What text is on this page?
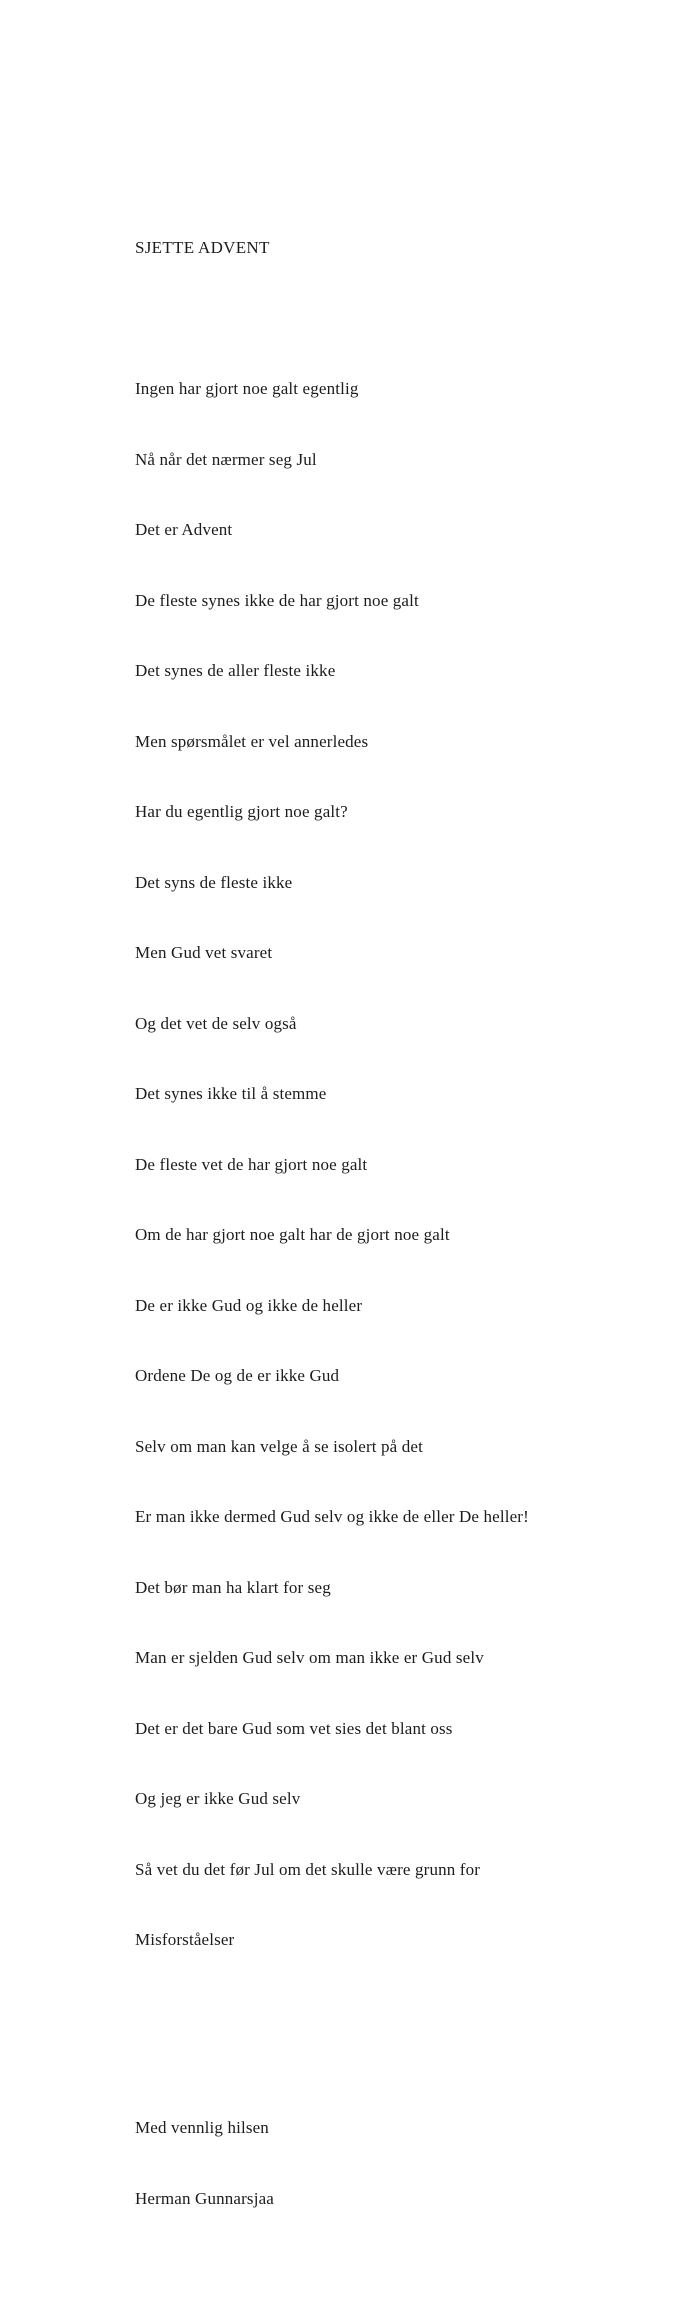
SJETTE ADVENT

Ingen har gjort noe galt egentlig

Nå når det nærmer seg Jul

Det er Advent

De fleste synes ikke de har gjort noe galt

Det synes de aller fleste ikke

Men spørsmålet er vel annerledes

Har du egentlig gjort noe galt?

Det syns de fleste ikke

Men Gud vet svaret

Og det vet de selv også

Det synes ikke til å stemme

De fleste vet de har gjort noe galt

Om de har gjort noe galt har de gjort noe galt

De er ikke Gud og ikke de heller

Ordene De og de er ikke Gud

Selv om man kan velge å se isolert på det

Er man ikke dermed Gud selv og ikke de eller De heller!

Det bør man ha klart for seg

Man er sjelden Gud selv om man ikke er Gud selv

Det er det bare Gud som vet sies det blant oss

Og jeg er ikke Gud selv

Så vet du det før Jul om det skulle være grunn for

Misforståelser

Med vennlig hilsen

Herman Gunnarsjaa
